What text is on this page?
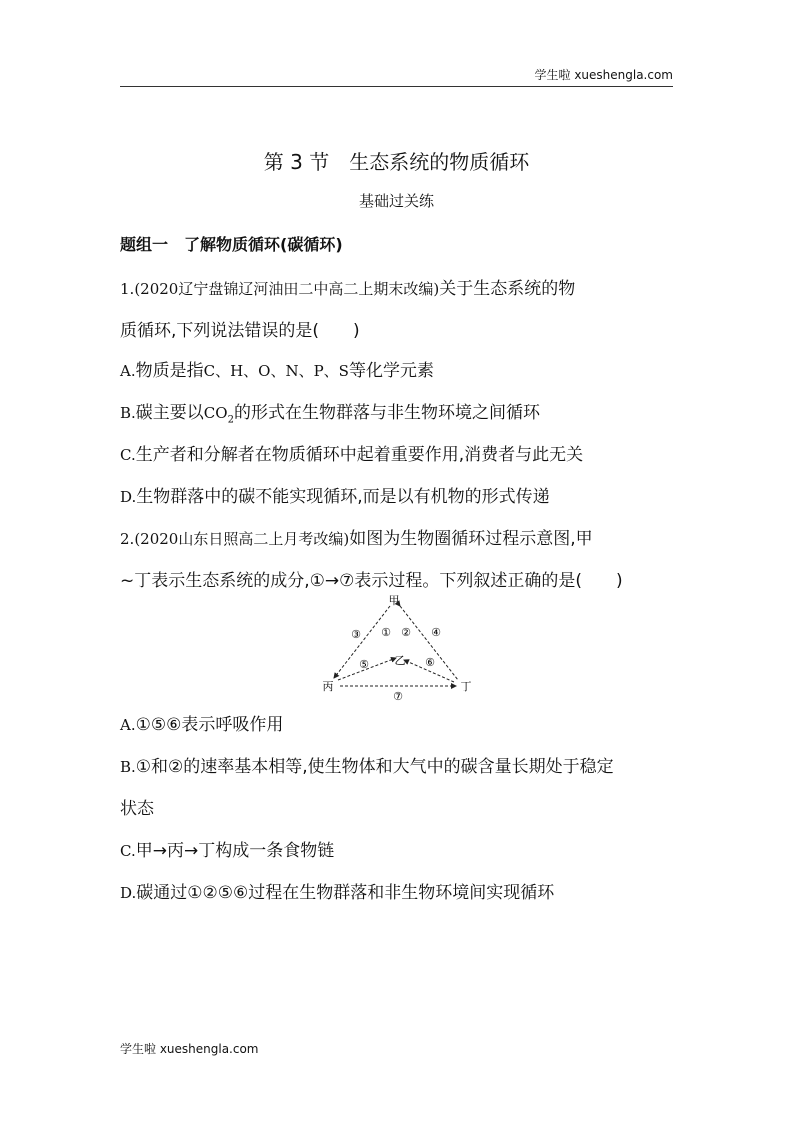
学生啦 xueshengla.com
第 3 节　生态系统的物质循环
基础过关练
题组一　了解物质循环(碳循环)
1.(2020辽宁盘锦辽河油田二中高二上期末改编)关于生态系统的物
质循环,下列说法错误的是(　　)
A.物质是指C、H、O、N、P、S等化学元素
B.碳主要以$CO_2$的形式在生物群落与非生物环境之间循环
C.生产者和分解者在物质循环中起着重要作用,消费者与此无关
D.生物群落中的碳不能实现循环,而是以有机物的形式传递
2.(2020山东日照高二上月考改编)如图为生物圈循环过程示意图,甲
~丁表示生态系统的成分,①→⑦表示过程。下列叙述正确的是(　　)
甲
丙	丁
乙
① ②
③	④
⑤	⑥
⑦
A.①⑤⑥表示呼吸作用
B.①和②的速率基本相等,使生物体和大气中的碳含量长期处于稳定
状态
C.甲→丙→丁构成一条食物链
D.碳通过①②⑤⑥过程在生物群落和非生物环境间实现循环
学生啦 xueshengla.com
